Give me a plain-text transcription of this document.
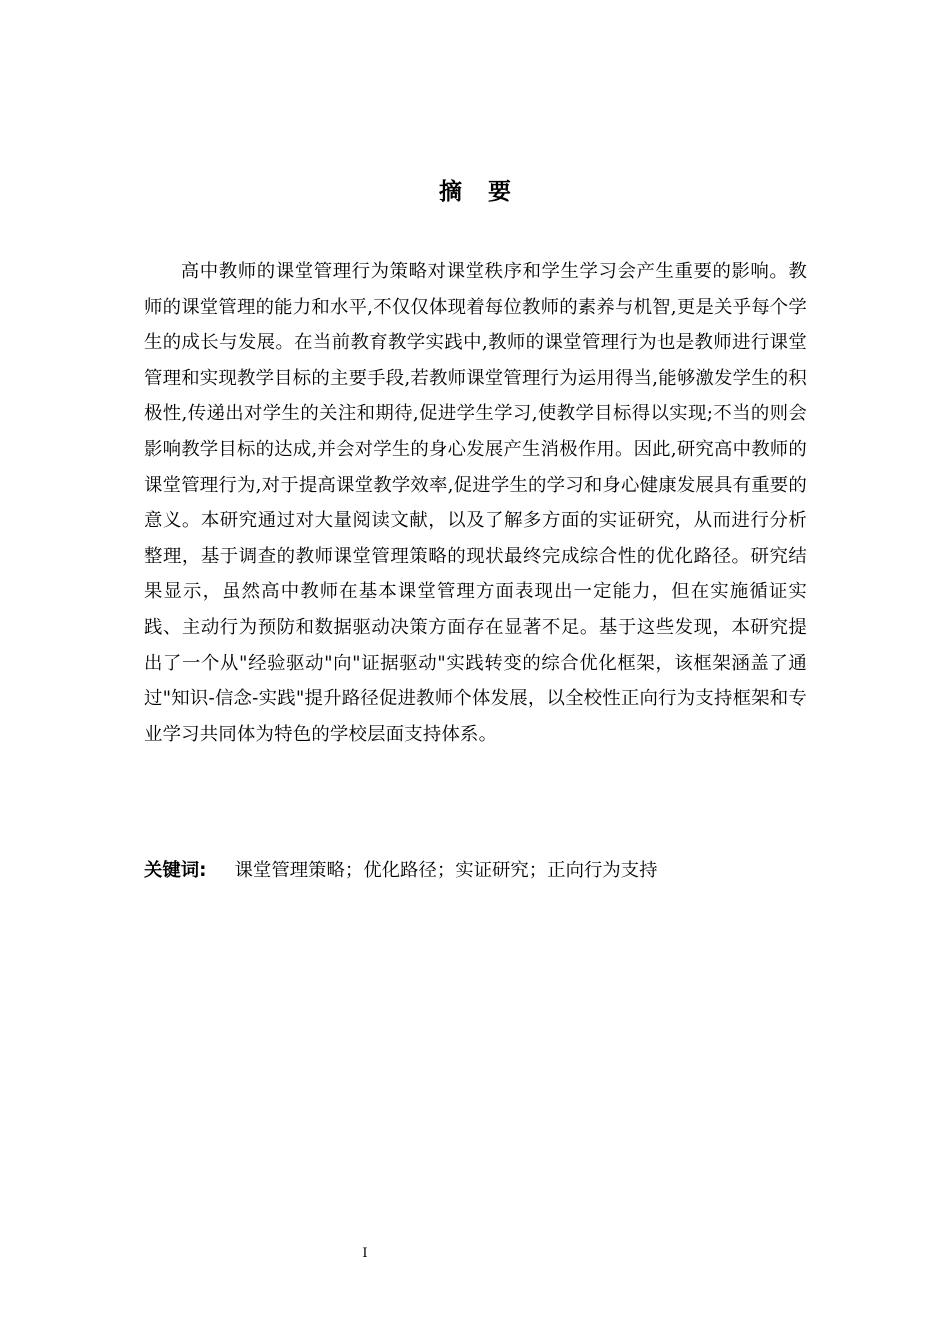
摘 要

高中教师的课堂管理行为策略对课堂秩序和学生学习会产生重要的影响。教师的课堂管理的能力和水平,不仅仅体现着每位教师的素养与机智,更是关乎每个学生的成长与发展。在当前教育教学实践中,教师的课堂管理行为也是教师进行课堂管理和实现教学目标的主要手段,若教师课堂管理行为运用得当,能够激发学生的积极性,传递出对学生的关注和期待,促进学生学习,使教学目标得以实现;不当的则会影响教学目标的达成,并会对学生的身心发展产生消极作用。因此,研究高中教师的课堂管理行为,对于提高课堂教学效率,促进学生的学习和身心健康发展具有重要的意义。本研究通过对大量阅读文献，以及了解多方面的实证研究，从而进行分析整理，基于调查的教师课堂管理策略的现状最终完成综合性的优化路径。研究结果显示，虽然高中教师在基本课堂管理方面表现出一定能力，但在实施循证实践、主动行为预防和数据驱动决策方面存在显著不足。基于这些发现，本研究提出了一个从"经验驱动"向"证据驱动"实践转变的综合优化框架，该框架涵盖了通过"知识-信念-实践"提升路径促进教师个体发展，以全校性正向行为支持框架和专业学习共同体为特色的学校层面支持体系。

关键词: 课堂管理策略；优化路径；实证研究；正向行为支持
I
